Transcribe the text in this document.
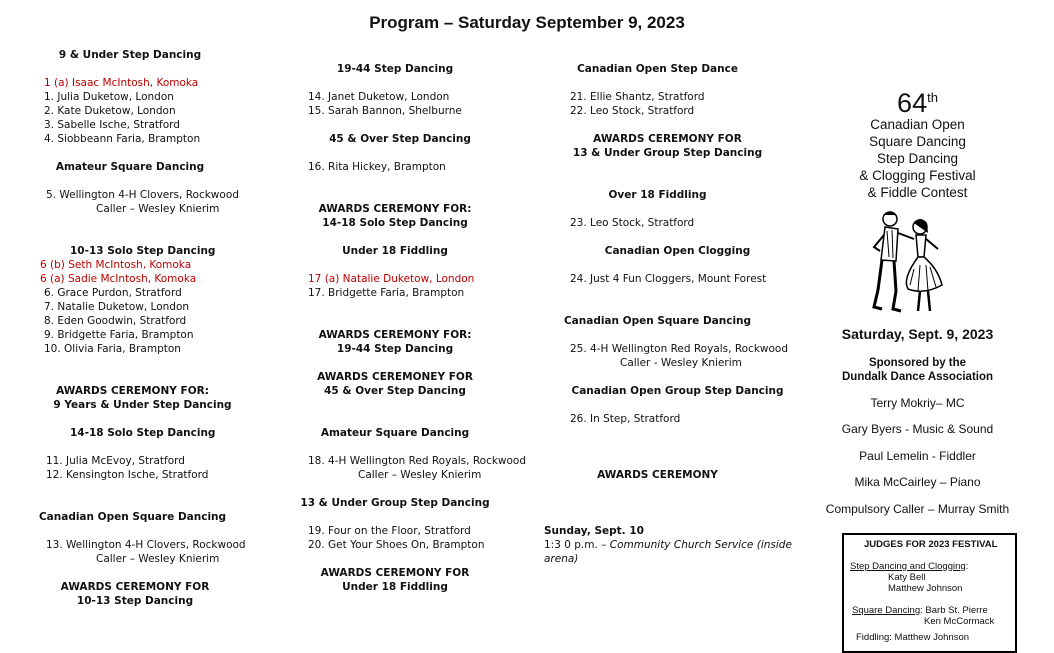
Program – Saturday September 9, 2023
9 & Under Step Dancing
1 (a) Isaac McIntosh, Komoka
1. Julia Duketow, London
2. Kate Duketow, London
3. Sabelle Ische, Stratford
4. Siobbeann Faria, Brampton
Amateur Square Dancing
5. Wellington 4-H Clovers, Rockwood
Caller – Wesley Knierim
10-13 Solo Step Dancing
6 (b) Seth McIntosh, Komoka
6 (a) Sadie McIntosh, Komoka
6. Grace Purdon, Stratford
7. Natalie Duketow, London
8. Eden Goodwin, Stratford
9. Bridgette Faria, Brampton
10. Olivia Faria, Brampton
AWARDS CEREMONY FOR:
9 Years & Under Step Dancing
14-18 Solo Step Dancing
11. Julia McEvoy, Stratford
12. Kensington Ische, Stratford
Canadian Open Square Dancing
13. Wellington 4-H Clovers, Rockwood
Caller – Wesley Knierim
AWARDS CEREMONY FOR
10-13 Step Dancing
19-44 Step Dancing
14. Janet Duketow, London
15. Sarah Bannon, Shelburne
45 & Over Step Dancing
16. Rita Hickey, Brampton
AWARDS CEREMONY FOR:
14-18 Solo Step Dancing
Under 18 Fiddling
17 (a) Natalie Duketow, London
17. Bridgette Faria, Brampton
AWARDS CEREMONY FOR:
19-44 Step Dancing
AWARDS CEREMONEY FOR
45 & Over Step Dancing
Amateur Square Dancing
18. 4-H Wellington Red Royals, Rockwood
Caller – Wesley Knierim
13 & Under Group Step Dancing
19. Four on the Floor, Stratford
20. Get Your Shoes On, Brampton
AWARDS CEREMONY FOR
Under 18 Fiddling
Canadian Open Step Dance
21. Ellie Shantz, Stratford
22. Leo Stock, Stratford
AWARDS CEREMONY FOR
13 & Under Group Step Dancing
Over 18 Fiddling
23. Leo Stock, Stratford
Canadian Open Clogging
24. Just 4 Fun Cloggers, Mount Forest
Canadian Open Square Dancing
25. 4-H Wellington Red Royals, Rockwood
Caller - Wesley Knierim
Canadian Open Group Step Dancing
26. In Step, Stratford
AWARDS CEREMONY
Sunday, Sept. 10
1:3 0 p.m. – Community Church Service (inside
arena)
64th
Canadian Open
Square Dancing
Step Dancing
& Clogging Festival
& Fiddle Contest
Saturday, Sept. 9, 2023
Sponsored by the
Dundalk Dance Association
Terry Mokriy– MC
Gary Byers - Music & Sound
Paul Lemelin - Fiddler
Mika McCairley – Piano
Compulsory Caller – Murray Smith
JUDGES FOR 2023 FESTIVAL
Step Dancing and Clogging:
Katy Bell
Matthew Johnson
Square Dancing: Barb St. Pierre
Ken McCormack
Fiddling: Matthew Johnson
